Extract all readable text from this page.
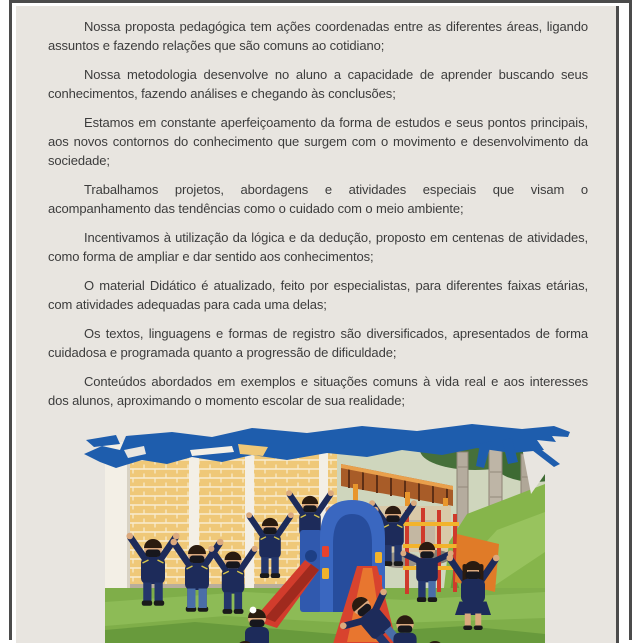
Nossa proposta pedagógica tem ações coordenadas entre as diferentes áreas, ligando assuntos e fazendo relações que são comuns ao cotidiano;

Nossa metodologia desenvolve no aluno a capacidade de aprender buscando seus conhecimentos, fazendo análises e chegando às conclusões;

Estamos em constante aperfeiçoamento da forma de estudos e seus pontos principais, aos novos contornos do conhecimento que surgem com o movimento e desenvolvimento da sociedade;

Trabalhamos projetos, abordagens e atividades especiais que visam o acompanhamento das tendências como o cuidado com o meio ambiente;

Incentivamos à utilização da lógica e da dedução, proposto em centenas de atividades, como forma de ampliar e dar sentido aos conhecimentos;

O material Didático é atualizado, feito por especialistas, para diferentes faixas etárias, com atividades adequadas para cada uma delas;

Os textos, linguagens e formas de registro são diversificados, apresentados de forma cuidadosa e programada quanto a progressão de dificuldade;

Conteúdos abordados em exemplos e situações comuns à vida real e aos interesses dos alunos, aproximando o momento escolar de sua realidade;
